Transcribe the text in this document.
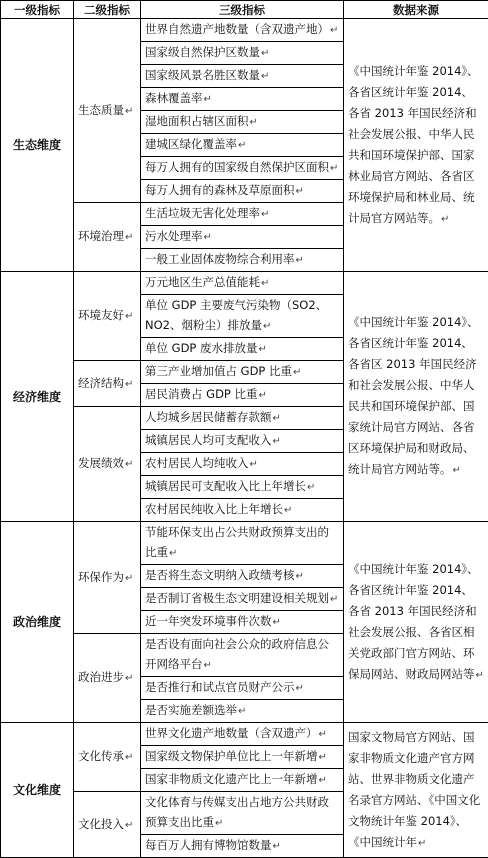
一级指标	二级指标	三级指标	数据来源
生态维度	生态质量↵	世界自然遗产地数量（含双遗产地）↵	《中国统计年鉴 2014》、各省区统计年鉴 2014、各省 2013 年国民经济和社会发展公报、中华人民共和国环境保护部、国家林业局官方网站、各省区环境保护局和林业局、统计局官方网站等。↵
		国家级自然保护区数量↵	
		国家级风景名胜区数量↵	
		森林覆盖率↵	
		湿地面积占辖区面积↵	
		建城区绿化覆盖率↵	
		每万人拥有的国家级自然保护区面积↵	
		每万人拥有的森林及草原面积↵	
	环境治理↵	生活垃圾无害化处理率↵	
		污水处理率↵	
		一般工业固体废物综合利用率↵	
经济维度	环境友好↵	万元地区生产总值能耗↵	《中国统计年鉴 2014》、各省区统计年鉴 2014、各省区 2013 年国民经济和社会发展公报、中华人民共和国环境保护部、国家统计局官方网站、各省区环境保护局和财政局、统计局官方网站等。↵
		单位 GDP 主要废气污染物（SO2、NO2、烟粉尘）排放量↵	
		单位 GDP 废水排放量↵	
	经济结构↵	第三产业增加值占 GDP 比重↵	
		居民消费占 GDP 比重↵	
	发展绩效↵	人均城乡居民储蓄存款额↵	
		城镇居民人均可支配收入↵	
		农村居民人均纯收入↵	
		城镇居民可支配收入比上年增长↵	
		农村居民纯收入比上年增长↵	
政治维度	环保作为↵	节能环保支出占公共财政预算支出的比重↵	《中国统计年鉴 2014》、各省区统计年鉴 2014、各省 2013 年国民经济和社会发展公报、各省区相关党政部门官方网站、环保局网站、财政局网站等↵
		是否将生态文明纳入政绩考核↵	
		是否制订省极生态文明建设相关规划↵	
		近一年突发环境事件次数↵	
	政治进步↵	是否设有面向社会公众的政府信息公开网络平台↵	
		是否推行和试点官员财产公示↵	
		是否实施差额选举↵	
文化维度	文化传承↵	世界文化遗产地数量（含双遗产）↵	国家文物局官方网站、国家非物质文化遗产官方网站、世界非物质文化遗产名录官方网站、《中国文化文物统计年鉴 2014》、《中国统计年↵
		国家级文物保护单位比上一年新增↵	
		国家非物质文化遗产比上一年新增↵	
	文化投入↵	文化体育与传媒支出占地方公共财政预算支出比重↵	
		每百万人拥有博物馆数量↵	
